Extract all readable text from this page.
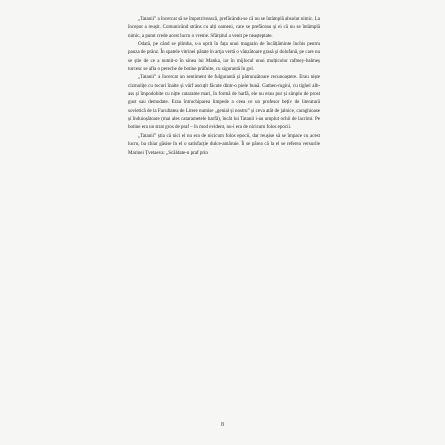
„Tatanii” a încercat să se împotrivească, prefăcându-se că nu se întâmplă absolut nimic. La început a reușit. Comunicând strâns cu alți oameni, care se prefăceau și ei că nu se întâmplă nimic, a putut crede acest lucru o vreme. Sfârșitul a venit pe neașteptate.

Odată, pe când se plimba, s-a oprit în fața unui magazin de încălțăminte închis pentru pauza de prânz. În spatele vitrinei pătate în artja vertă o vânzătoare grasă și dolofană, pe care nu se știe de ce a numit-o în sinea lui Manka, iar în mijlocul unui mulțicolor rafmey-balmeș turcesc se afla o pereche de botine prăfuite, cu sigurantă în gol.

„Tatanii” a încercat un sentiment de fulgurantă și pătrunzătoare recunoaștere. Erau niște cizmulițe cu tocuri înalte și vârf ascuțit făcute dintr-o piele bună. Gathen-rugini, cu tighel alb-ass și împodobite cu nițte catarame mari, în formă de harfă, ele nu erau pur și simplu de prost gust sau demodate. Erau întruchiparea limpede a ceea ce un profesor bețiv de literatură sovietică de la Facultatea de Litere numise „genial și nostru” și ceva atât de jalnice, caraghioase și înduioșătoare (mai ales catarametele harfă), încât lui Tatanii i-au umplut ochii de lacrimi. Pe botine era un strat gros de praf – în mod evident, nu-i era de nicicum folos epocii.

„Tatanii” știa că nici el nu era de nicicum folos epocii, dar reușise să se împace cu acest lucru, ba chiar găsise în el o satisfacție dulce-amăruie. Îi se părea că la el se referea versurile Marinei Țvetaeva: „Scăldate-n praf prin

8
